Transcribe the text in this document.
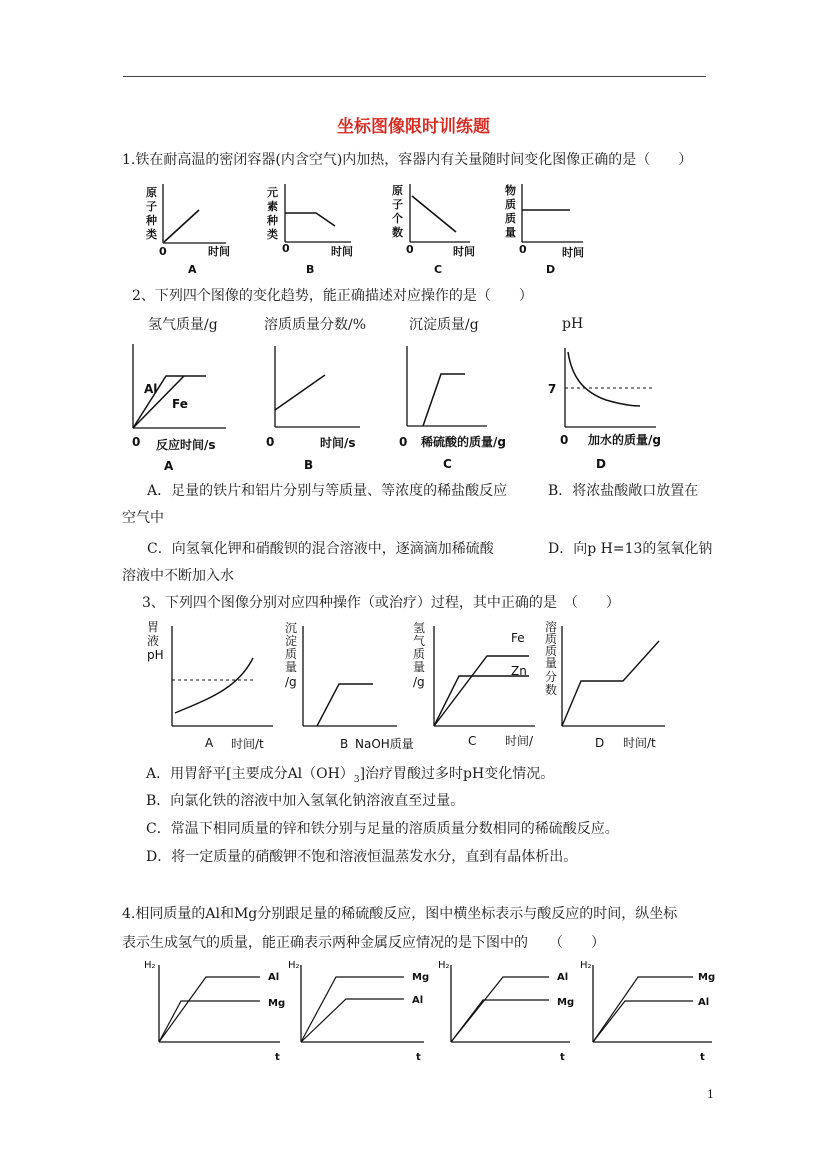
坐标图像限时训练题
1.铁在耐高温的密闭容器(内含空气)内加热，容器内有关量随时间变化图像正确的是（　　）
原
子
种
类
0	时间
A
元
素
种
类
0	时间
B
原
子
个
数
0	时间
C
物
质
质
量
0	时间
D
2、下列四个图像的变化趋势，能正确描述对应操作的是（　　）
氢气质量/g	溶质质量分数/%	沉淀质量/g	pH
Al
Fe
0 反应时间/s
A
0	时间/s
B
0 稀硫酸的质量/g
C
7
0 加水的质量/g
D
A．足量的铁片和铝片分别与等质量、等浓度的稀盐酸反应	B．将浓盐酸敞口放置在
空气中
C．向氢氧化钾和硝酸钡的混合溶液中，逐滴滴加稀硫酸	D．向p H=13的氢氧化钠
溶液中不断加入水
3、下列四个图像分别对应四种操作（或治疗）过程，其中正确的是　（　　）
胃
液
pH
A 时间/t
沉
淀
质
量
/g
B NaOH质量
氢
气
质
量
/g
Fe
Zn
C 时间/
溶
质
质
量
分
数
D 时间/t
A．用胃舒平[主要成分$Al(OH)_3$]治疗胃酸过多时pH变化情况。
B．向氯化铁的溶液中加入氢氧化钠溶液直至过量。
C．常温下相同质量的锌和铁分别与足量的溶质质量分数相同的稀硫酸反应。
D．将一定质量的硝酸钾不饱和溶液恒温蒸发水分，直到有晶体析出。
4.相同质量的Al和Mg分别跟足量的稀硫酸反应，图中横坐标表示与酸反应的时间，纵坐标
表示生成氢气的质量，能正确表示两种金属反应情况的是下图中的　　（　　）
H₂
Al
Mg
t
H₂
Mg
Al
t
H₂
Al
Mg
t
H₂
Mg
Al
t
1
